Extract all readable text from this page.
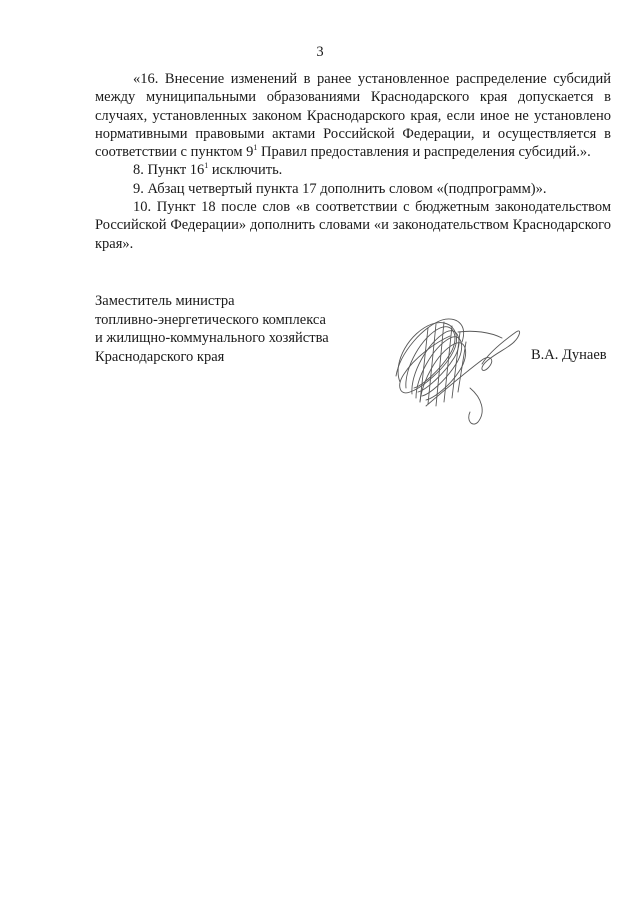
3

«16. Внесение изменений в ранее установленное распределение субсидий между муниципальными образованиями Краснодарского края допускается в случаях, установленных законом Краснодарского края, если иное не установлено нормативными правовыми актами Российской Федерации, и осуществляется в соответствии с пунктом $9^1$ Правил предоставления и распределения субсидий.».

8. Пункт $16^1$ исключить.

9. Абзац четвертый пункта 17 дополнить словом «(подпрограмм)».

10. Пункт 18 после слов «в соответствии с бюджетным законодательством Российской Федерации» дополнить словами «и законодательством Краснодарского края».

Заместитель министра
топливно-энергетического комплекса
и жилищно-коммунального хозяйства
Краснодарского края	В.А. Дунаев
